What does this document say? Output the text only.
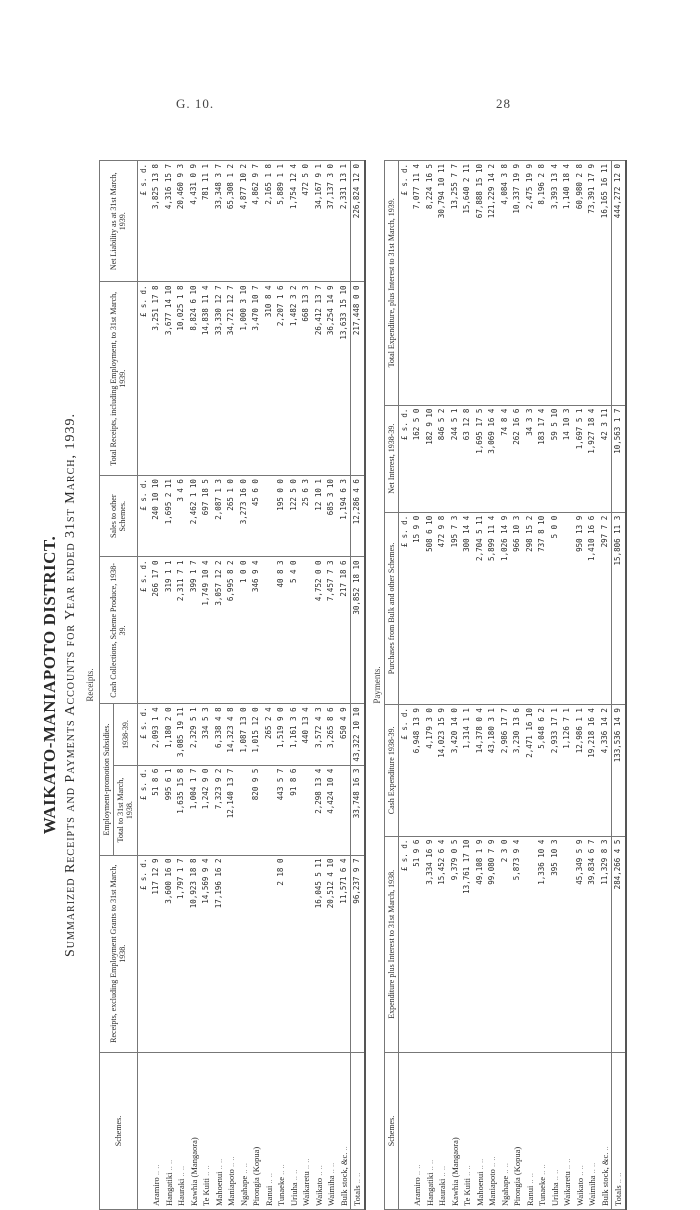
G. 10.	28
WAIKATO-MANIAPOTO DISTRICT. Summarized Receipts and Payments Accounts for Year ended 31st March, 1939. Receipts.
Schemes.	Receipts, excluding Employment Grants to 31st March, 1938.	Employment-promotion Subsidies.		Cash Collections, Scheme Produce, 1938-39.	Sales to other Schemes.	Total Receipts, including Employment, to 31st March, 1939.	Net Liability as at 31st March, 1939.
		Total to 31st March, 1938.	1938-39.				
	£ s. d.	£ s. d.	£ s. d.	£ s. d.	£ s. d.	£ s. d.	£ s. d.
Aramiro .. ..	117 12 9	51 8 6	2,093 1 4	266 17 0	240 10 10	3,251 17 8	3,825 13 8
Hangatiki .. ..	3,600 16 0	995 6 1	1,180 2 0	319 1 1	1,695 2 11	3,677 14 10	4,316 15 7
Hauraki .. ..	1,797 1 7	1,635 15 8	3,085 19 11	2,311 7 1	3 4 6	10,025 1 8	20,460 9 3
Kawhia (Mangaora)	10,923 18 8	1,004 1 7	2,329 5 1	399 1 7	2,462 1 10	8,824 6 10	4,431 0 9
Te Kuiti .. ..	14,569 9 4	1,242 9 0	334 5 3	1,749 10 4	697 18 5	14,838 11 4	781 11 1
Mahoenui .. ..	17,196 16 2	7,323 9 2	6,338 4 8	3,057 12 2	2,087 1 3	33,330 12 7	33,348 3 7
Maniapoto .. ..		12,140 13 7	14,323 4 8	6,995 8 2	265 1 0	34,721 12 7	65,308 1 2
Ngahape .. ..			1,087 13 0	1 0 0	3,273 16 0	1,000 3 10	4,877 10 2
Pirongia (Kopua)		820 9 5	1,015 12 0	346 9 4	45 6 0	3,470 10 7	4,862 9 7
Ranui .. ..			265 2 4			310 8 4	2,165 1 8
Tunaeke .. ..	2 18 0	443 5 7	1,519 9 0	40 8 3	195 0 0	2,207 1 6	5,889 1 1
Uriuha .. ..		91 8 6	1,161 3 6	5 4 0	122 5 0	1,482 3 2	1,754 12 4
Waikaretu .. ..			440 13 4		25 6 3	668 13 3	472 5 0
Waikato .. ..	16,045 5 11	2,298 13 4	3,572 4 3	4,752 0 0	12 10 1	26,412 13 7	34,167 9 1
Waimiha .. ..	20,512 4 10	4,424 10 4	3,265 8 6	7,457 7 3	685 3 10	36,254 14 9	37,137 3 0
Bulk stock, &c. ..	11,571 6 4		650 4 9	217 18 6	1,194 6 3	13,633 15 10	2,331 13 1
Totals .. ..	96,237 9 7	33,748 16 3	43,322 10 10	30,852 18 10	12,286 4 6	217,448 0 0	226,824 12 0
Payments.
Schemes.	Expenditure plus Interest to 31st March, 1938.	Cash Expenditure 1938-39.	Purchases from Bulk and other Schemes.	Net Interest, 1938-39.	Total Expenditure, plus Interest to 31st March, 1939.
	£ s. d.	£ s. d.	£ s. d.	£ s. d.	£ s. d.
Aramiro .. ..	51 9 6	6,948 13 9	15 9 0	162 5 0	7,077 11 4
Hangatiki .. ..	3,334 16 9	4,179 3 0	508 6 10	182 9 10	8,224 16 5
Hauraki .. ..	15,452 6 4	14,023 15 9	472 9 8	846 5 2	30,794 10 11
Kawhia (Mangaora)	9,379 0 5	3,420 14 0	195 7 3	244 5 1	13,255 7 7
Te Kuiti .. ..	13,761 17 10	1,314 1 1	300 14 4	63 12 8	15,640 2 11
Mahoenui .. ..	49,108 1 9	14,378 0 4	2,704 5 11	1,695 17 5	67,888 15 10
Maniapoto .. ..	99,080 7 9	43,180 3 1	5,899 11 4	3,069 16 4	121,229 14 2
Ngahape .. ..	2 3 0	2,986 17 7	1,026 14 9	74 8 4	4,084 3 8
Pirongia (Kopua)	5,873 9 4	3,230 13 6	966 10 3	262 16 6	10,337 19 9
Ranui .. ..		2,471 16 10	298 15 2	34 3 3	2,475 19 9
Tunaeke .. ..	1,336 10 4	5,048 6 2	737 8 10	183 17 4	8,196 2 8
Uriuha .. ..	395 10 3	2,933 17 1	5 0 0	59 5 10	3,393 13 4
Waikaretu .. ..		1,126 7 1		14 10 3	1,140 18 4
Waikato .. ..	45,349 5 9	12,986 1 1	950 13 9	1,697 5 1	60,980 2 8
Waimiha .. ..	39,834 6 7	19,218 16 4	1,410 16 6	1,927 18 4	73,391 17 9
Bulk stock, &c. ..	11,329 8 3	4,336 14 2	297 7 2	42 3 11	16,165 16 11
Totals .. ..	284,266 4 5	133,536 14 9	15,806 11 3	10,563 1 7	444,272 12 0
